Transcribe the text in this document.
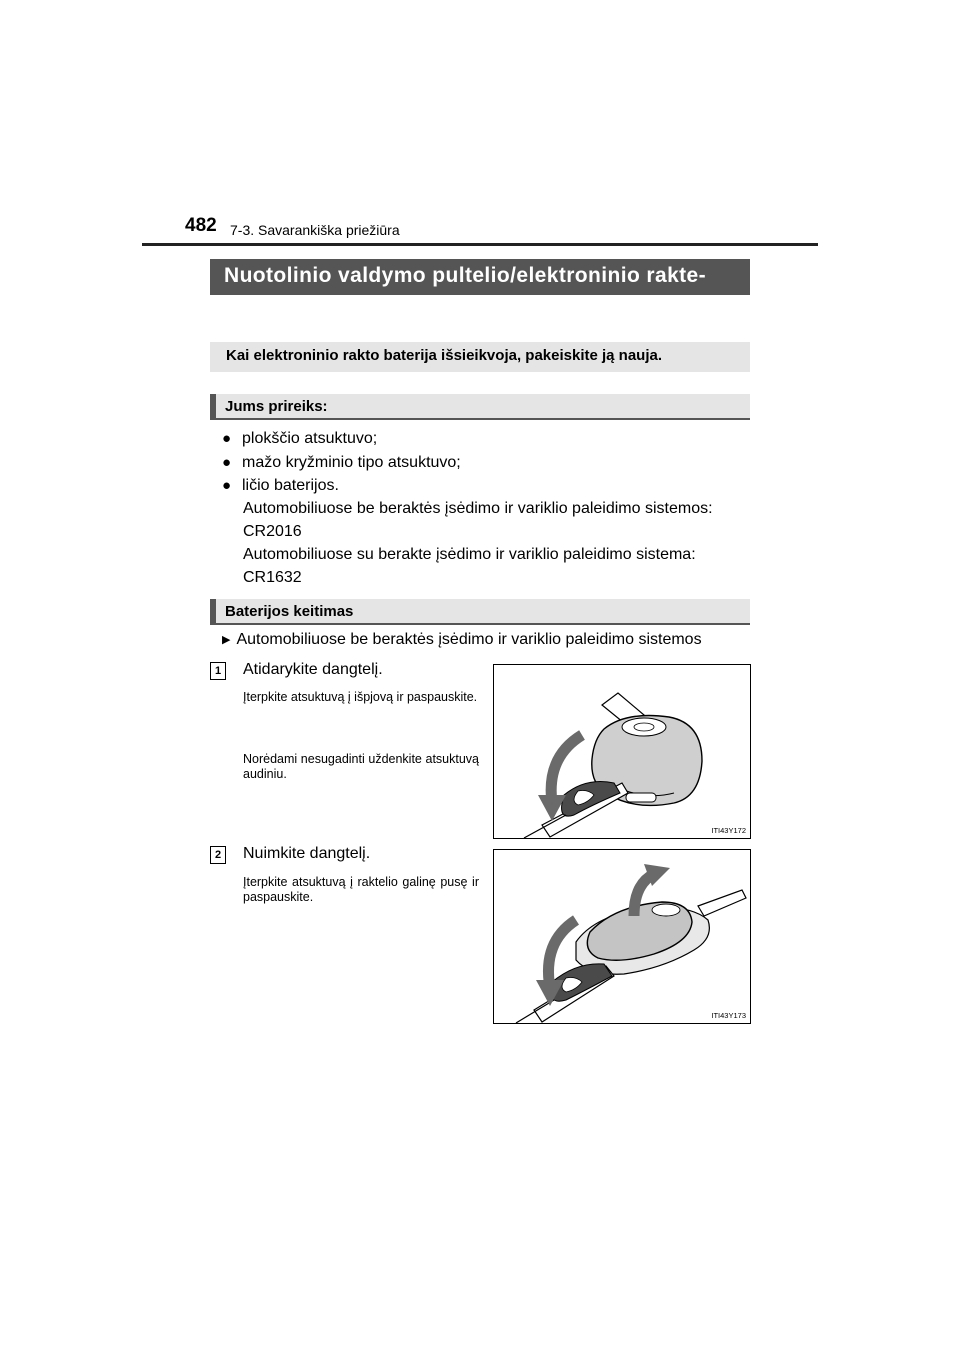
482 7-3. Savarankiška priežiūra
Nuotolinio valdymo pultelio/elektroninio rakte-
Kai elektroninio rakto baterija išsieikvoja, pakeiskite ją nauja.
Jums prireiks:
● plokščio atsuktuvo;
● mažo kryžminio tipo atsuktuvo;
● ličio baterijos.
Automobiliuose be beraktės įsėdimo ir variklio paleidimo sistemos:
CR2016
Automobiliuose su berakte įsėdimo ir variklio paleidimo sistema:
CR1632
Baterijos keitimas
▶ Automobiliuose be beraktės įsėdimo ir variklio paleidimo sistemos
1	Atidarykite dangtelį.
Įterpkite atsuktuvą į išpjovą ir paspauskite.
Norėdami nesugadinti uždenkite atsuktuvą audiniu.
ITI43Y172
2	Nuimkite dangtelį.
Įterpkite atsuktuvą į raktelio galinę pusę ir paspauskite.
ITI43Y173
